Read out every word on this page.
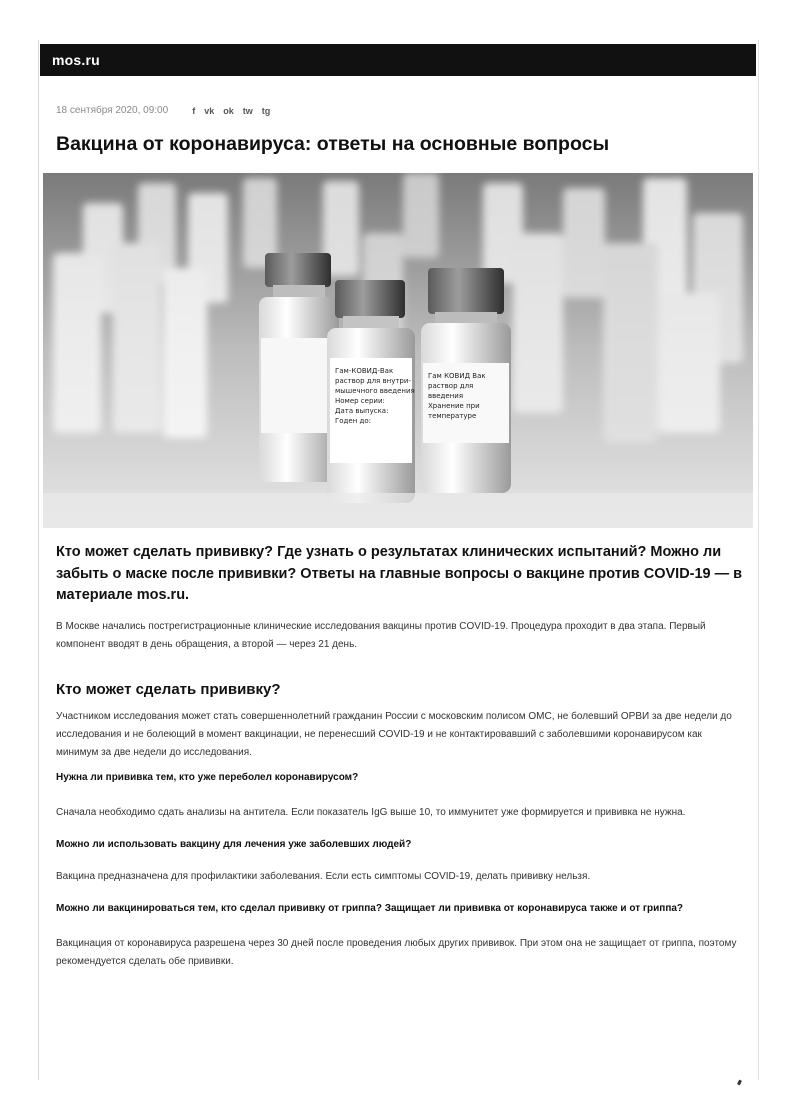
mos.ru
18 сентября 2020, 09:00	f vk ok tw tg
Вакцина от коронавируса: ответы на основные вопросы
Гам-КОВИД-Вак
раствор для внутри-
мышечного введения
Номер серии:
Дата выпуска:
Годен до:
Гам КОВИД Вак
раствор для
введения
Хранение при
температуре

Кто может сделать прививку? Где узнать о результатах клинических испытаний? Можно ли забыть о маске после прививки? Ответы на главные вопросы о вакцине против COVID-19 — в материале mos.ru.

В Москве начались пострегистрационные клинические исследования вакцины против COVID-19. Процедура проходит в два этапа. Первый компонент вводят в день обращения, а второй — через 21 день.

Кто может сделать прививку?

Участником исследования может стать совершеннолетний гражданин России с московским полисом ОМС, не болевший ОРВИ за две недели до исследования и не болеющий в момент вакцинации, не перенесший COVID-19 и не контактировавший с заболевшими коронавирусом как минимум за две недели до исследования.

Нужна ли прививка тем, кто уже переболел коронавирусом?

Сначала необходимо сдать анализы на антитела. Если показатель IgG выше 10, то иммунитет уже формируется и прививка не нужна.

Можно ли использовать вакцину для лечения уже заболевших людей?

Вакцина предназначена для профилактики заболевания. Если есть симптомы COVID-19, делать прививку нельзя.

Можно ли вакцинироваться тем, кто сделал прививку от гриппа? Защищает ли прививка от коронавируса также и от гриппа?

Вакцинация от коронавируса разрешена через 30 дней после проведения любых других прививок. При этом она не защищает от гриппа, поэтому рекомендуется сделать обе прививки.
